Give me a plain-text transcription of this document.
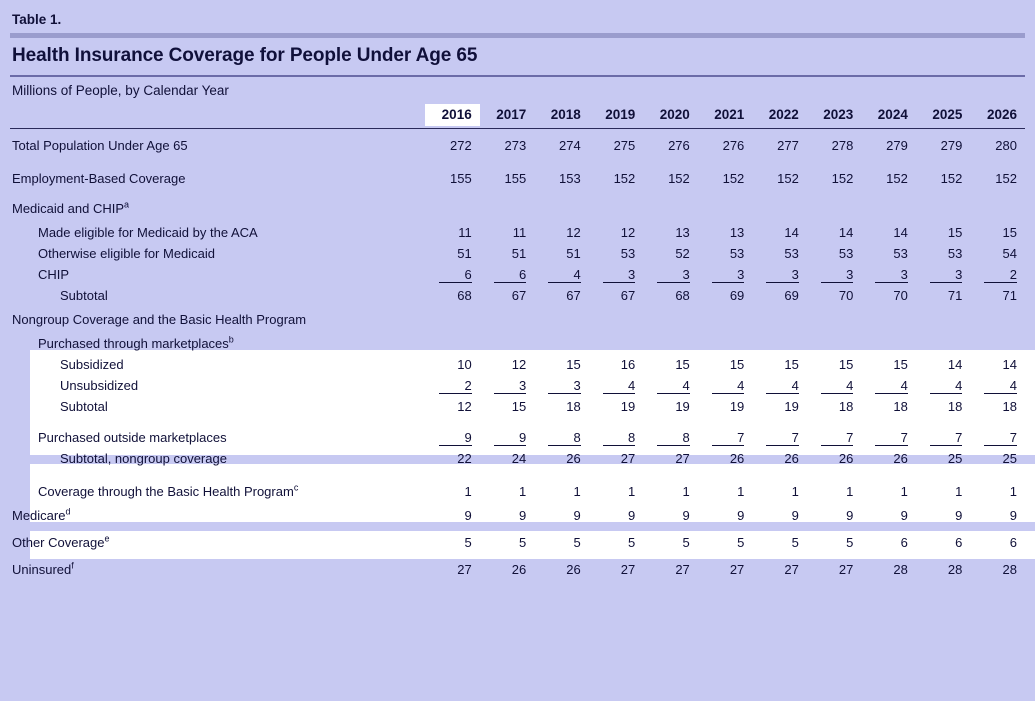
Table 1.
Health Insurance Coverage for People Under Age 65
Millions of People, by Calendar Year
	2016	2017	2018	2019	2020	2021	2022	2023	2024	2025	2026

Total Population Under Age 65	272	273	274	275	276	276	277	278	279	279	280
Employment-Based Coverage	155	155	153	152	152	152	152	152	152	152	152
Medicaid and CHIP$^a$											
Made eligible for Medicaid by the ACA	11	11	12	12	13	13	14	14	14	15	15
Otherwise eligible for Medicaid	51	51	51	53	52	53	53	53	53	53	54
CHIP	6	6	4	3	3	3	3	3	3	3	2
Subtotal	68	67	67	67	68	69	69	70	70	71	71
Nongroup Coverage and the Basic Health Program											
Purchased through marketplaces$^b$											
Subsidized	10	12	15	16	15	15	15	15	15	14	14
Unsubsidized	2	3	3	4	4	4	4	4	4	4	4
Subtotal	12	15	18	19	19	19	19	18	18	18	18

Purchased outside marketplaces	9	9	8	8	8	7	7	7	7	7	7
Subtotal, nongroup coverage	22	24	26	27	27	26	26	26	26	25	25

Coverage through the Basic Health Program$^c$	1	1	1	1	1	1	1	1	1	1	1
Medicare$^d$	9	9	9	9	9	9	9	9	9	9	9
Other Coverage$^e$	5	5	5	5	5	5	5	5	6	6	6
Uninsured$^f$	27	26	26	27	27	27	27	27	28	28	28
